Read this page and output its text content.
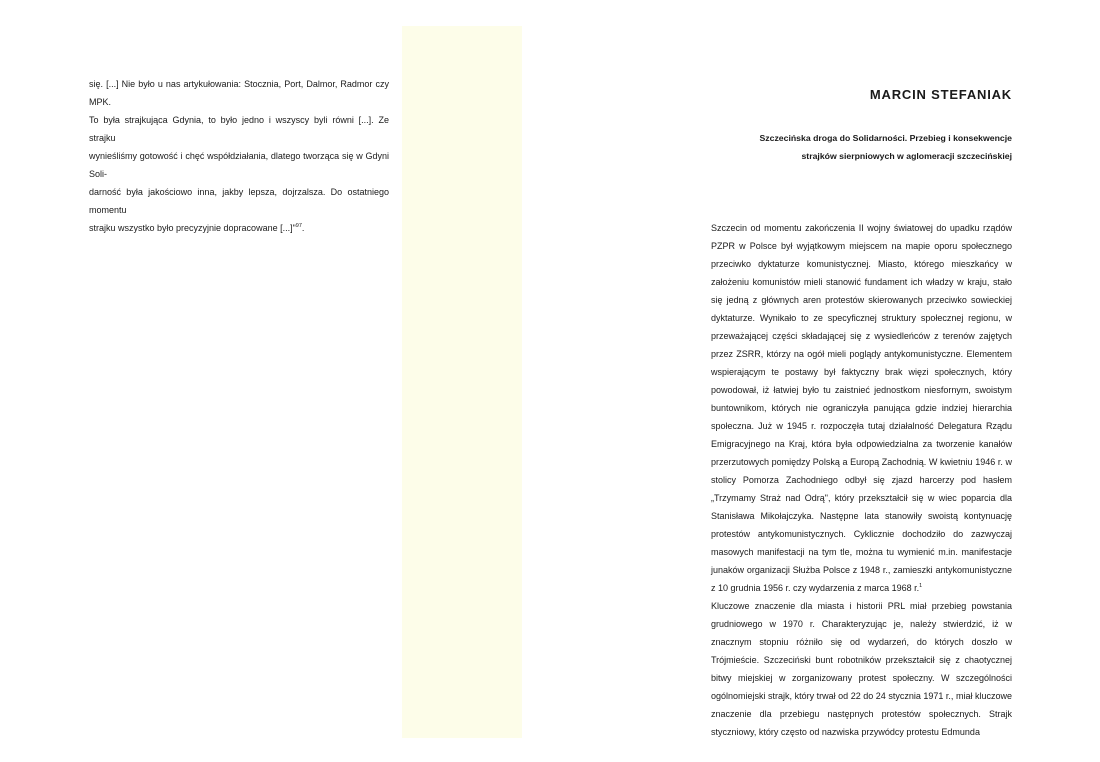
się. [...] Nie było u nas artykułowania: Stocznia, Port, Dalmor, Radmor czy MPK.
To była strajkująca Gdynia, to było jedno i wszyscy byli równi [...]. Ze strajku
wynieśliśmy gotowość i chęć współdziałania, dlatego tworząca się w Gdyni Soli-
darność była jakościowo inna, jakby lepsza, dojrzalsza. Do ostatniego momentu
strajku wszystko było precyzyjnie dopracowane [...]"$^{97}$.
MARCIN STEFANIAK
Szczecińska droga do Solidarności. Przebieg i konsekwencje
strajków sierpniowych w aglomeracji szczecińskiej

Szczecin od momentu zakończenia II wojny światowej do upadku rządów PZPR w Polsce był wyjątkowym miejscem na mapie oporu społecznego przeciwko dyktaturze komunistycznej. Miasto, którego mieszkańcy w założeniu komunistów mieli stanowić fundament ich władzy w kraju, stało się jedną z głównych aren protestów skierowanych przeciwko sowieckiej dyktaturze. Wynikało to ze specyficznej struktury społecznej regionu, w przeważającej części składającej się z wysiedleńców z terenów zajętych przez ZSRR, którzy na ogół mieli poglądy antykomunistyczne. Elementem wspierającym te postawy był faktyczny brak więzi społecznych, który powodował, iż łatwiej było tu zaistnieć jednostkom niesfornym, swoistym buntownikom, których nie ograniczyła panująca gdzie indziej hierarchia społeczna. Już w 1945 r. rozpoczęła tutaj działalność Delegatura Rządu Emigracyjnego na Kraj, która była odpowiedzialna za tworzenie kanałów przerzutowych pomiędzy Polską a Europą Zachodnią. W kwietniu 1946 r. w stolicy Pomorza Zachodniego odbył się zjazd harcerzy pod hasłem „Trzymamy Straż nad Odrą", który przekształcił się w wiec poparcia dla Stanisława Mikołajczyka. Następne lata stanowiły swoistą kontynuację protestów antykomunistycznych. Cyklicznie dochodziło do zazwyczaj masowych manifestacji na tym tle, można tu wymienić m.in. manifestacje junaków organizacji Służba Polsce z 1948 r., zamieszki antykomunistyczne z 10 grudnia 1956 r. czy wydarzenia z marca 1968 r.$^1$

Kluczowe znaczenie dla miasta i historii PRL miał przebieg powstania grudniowego w 1970 r. Charakteryzując je, należy stwierdzić, iż w znacznym stopniu różniło się od wydarzeń, do których doszło w Trójmieście. Szczeciński bunt robotników przekształcił się z chaotycznej bitwy miejskiej w zorganizowany protest społeczny. W szczególności ogólnomiejski strajk, który trwał od 22 do 24 stycznia 1971 r., miał kluczowe znaczenie dla przebiegu następnych protestów społecznych. Strajk styczniowy, który często od nazwiska przywódcy protestu Edmunda
